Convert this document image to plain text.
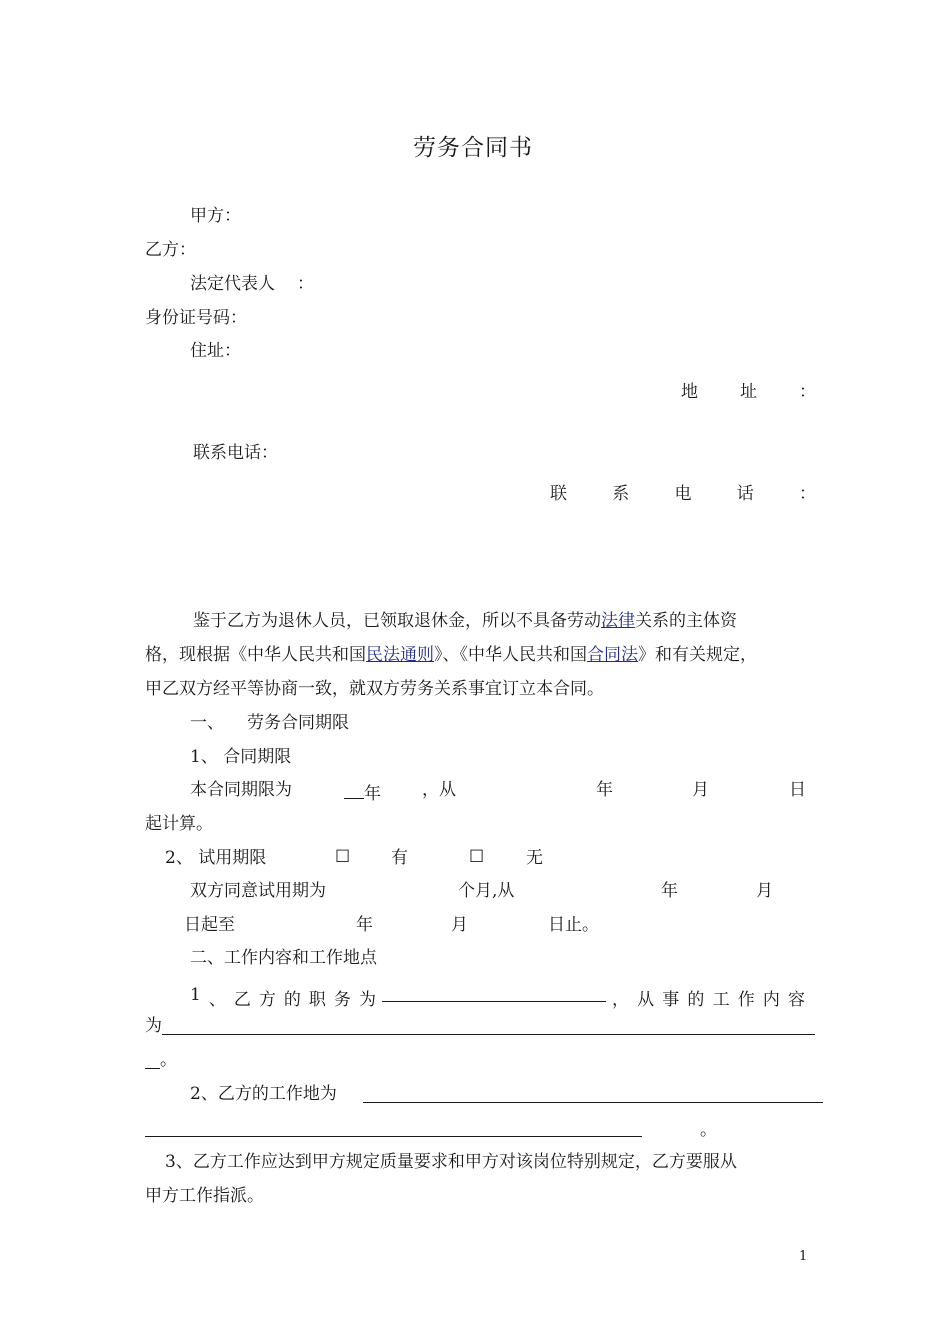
劳务合同书
甲方：
乙方：
法定代表人 ：
身份证号码：
住址：
地 址 ：
联系电话：
联	系	电	话	：
鉴于乙方为退休人员，已领取退休金，所以不具备劳动法律关系的主体资
格，现根据《中华人民共和国民法通则》、《中华人民共和国合同法》和有关规定，
甲乙双方经平等协商一致，就双方劳务关系事宜订立本合同。
一、 劳务合同期限
1、 合同期限
本合同期限为	年 ，从	年	月	日
起计算。
2、 试用期限	☐ 有	☐ 无
双方同意试用期为	个月,从	年	月
日起至	年	月	日止。
二、工作内容和工作地点
1 、 乙 方 的 职 务 为	， 从 事 的 工 作 内 容
为
。
2、乙方的工作地为
。
3、乙方工作应达到甲方规定质量要求和甲方对该岗位特别规定，乙方要服从
甲方工作指派。
1
